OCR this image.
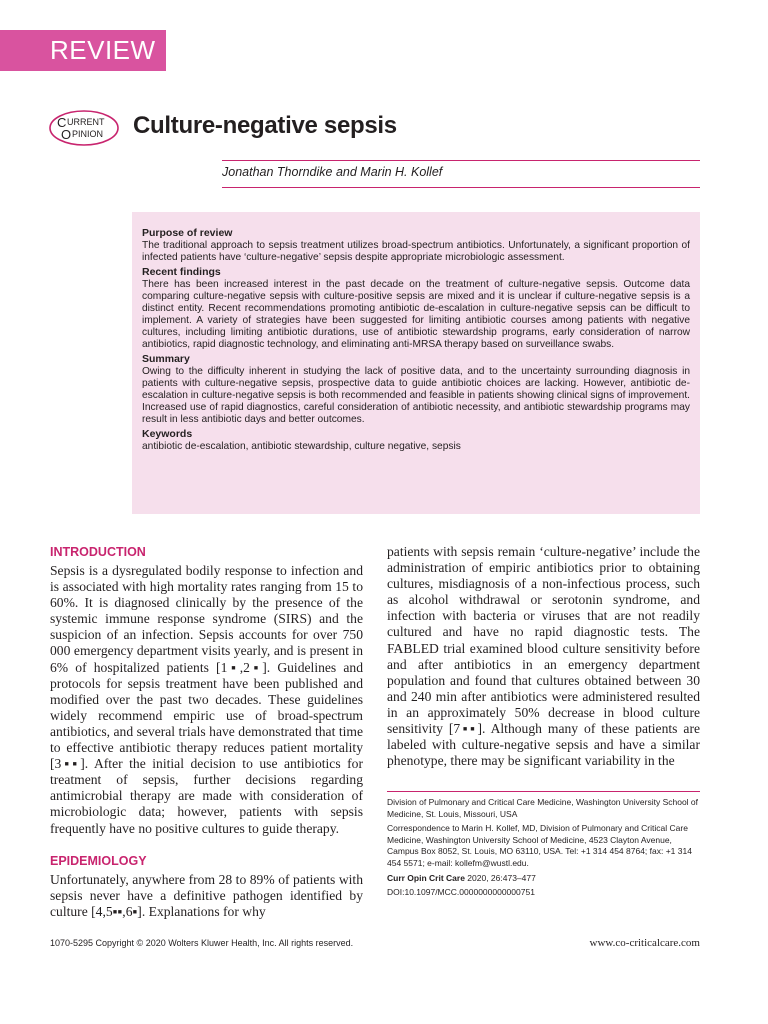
REVIEW
C URRENT
O PINION Culture-negative sepsis

Jonathan Thorndike and Marin H. Kollef

Purpose of review

The traditional approach to sepsis treatment utilizes broad-spectrum antibiotics. Unfortunately, a significant proportion of infected patients have ‘culture-negative’ sepsis despite appropriate microbiologic assessment.

Recent findings

There has been increased interest in the past decade on the treatment of culture-negative sepsis. Outcome data comparing culture-negative sepsis with culture-positive sepsis are mixed and it is unclear if culture-negative sepsis is a distinct entity. Recent recommendations promoting antibiotic de-escalation in culture-negative sepsis can be difficult to implement. A variety of strategies have been suggested for limiting antibiotic courses among patients with negative cultures, including limiting antibiotic durations, use of antibiotic stewardship programs, early consideration of narrow antibiotics, rapid diagnostic technology, and eliminating anti-MRSA therapy based on surveillance swabs.

Summary

Owing to the difficulty inherent in studying the lack of positive data, and to the uncertainty surrounding diagnosis in patients with culture-negative sepsis, prospective data to guide antibiotic choices are lacking. However, antibiotic de-escalation in culture-negative sepsis is both recommended and feasible in patients showing clinical signs of improvement. Increased use of rapid diagnostics, careful consideration of antibiotic necessity, and antibiotic stewardship programs may result in less antibiotic days and better outcomes.

Keywords

antibiotic de-escalation, antibiotic stewardship, culture negative, sepsis

INTRODUCTION

Sepsis is a dysregulated bodily response to infection and is associated with high mortality rates ranging from 15 to 60%. It is diagnosed clinically by the presence of the systemic immune response syndrome (SIRS) and the suspicion of an infection. Sepsis accounts for over 750 000 emergency department visits yearly, and is present in 6% of hospitalized patients [1▪,2▪]. Guidelines and protocols for sepsis treatment have been published and modified over the past two decades. These guidelines widely recommend empiric use of broad-spectrum antibiotics, and several trials have demonstrated that time to effective antibiotic therapy reduces patient mortality [3▪▪]. After the initial decision to use antibiotics for treatment of sepsis, further decisions regarding antimicrobial therapy are made with consideration of microbiologic data; however, patients with sepsis frequently have no positive cultures to guide therapy.

EPIDEMIOLOGY

Unfortunately, anywhere from 28 to 89% of patients with sepsis never have a definitive pathogen identified by culture [4,5▪▪,6▪]. Explanations for why

patients with sepsis remain ‘culture-negative’ include the administration of empiric antibiotics prior to obtaining cultures, misdiagnosis of a non-infectious process, such as alcohol withdrawal or serotonin syndrome, and infection with bacteria or viruses that are not readily cultured and have no rapid diagnostic tests. The FABLED trial examined blood culture sensitivity before and after antibiotics in an emergency department population and found that cultures obtained between 30 and 240 min after antibiotics were administered resulted in an approximately 50% decrease in blood culture sensitivity [7▪▪]. Although many of these patients are labeled with culture-negative sepsis and have a similar phenotype, there may be significant variability in the

Division of Pulmonary and Critical Care Medicine, Washington University School of Medicine, St. Louis, Missouri, USA

Correspondence to Marin H. Kollef, MD, Division of Pulmonary and Critical Care Medicine, Washington University School of Medicine, 4523 Clayton Avenue, Campus Box 8052, St. Louis, MO 63110, USA. Tel: +1 314 454 8764; fax: +1 314 454 5571; e-mail: kollefm@wustl.edu.

Curr Opin Crit Care 2020, 26:473–477

DOI:10.1097/MCC.0000000000000751

1070-5295 Copyright © 2020 Wolters Kluwer Health, Inc. All rights reserved.	www.co-criticalcare.com
